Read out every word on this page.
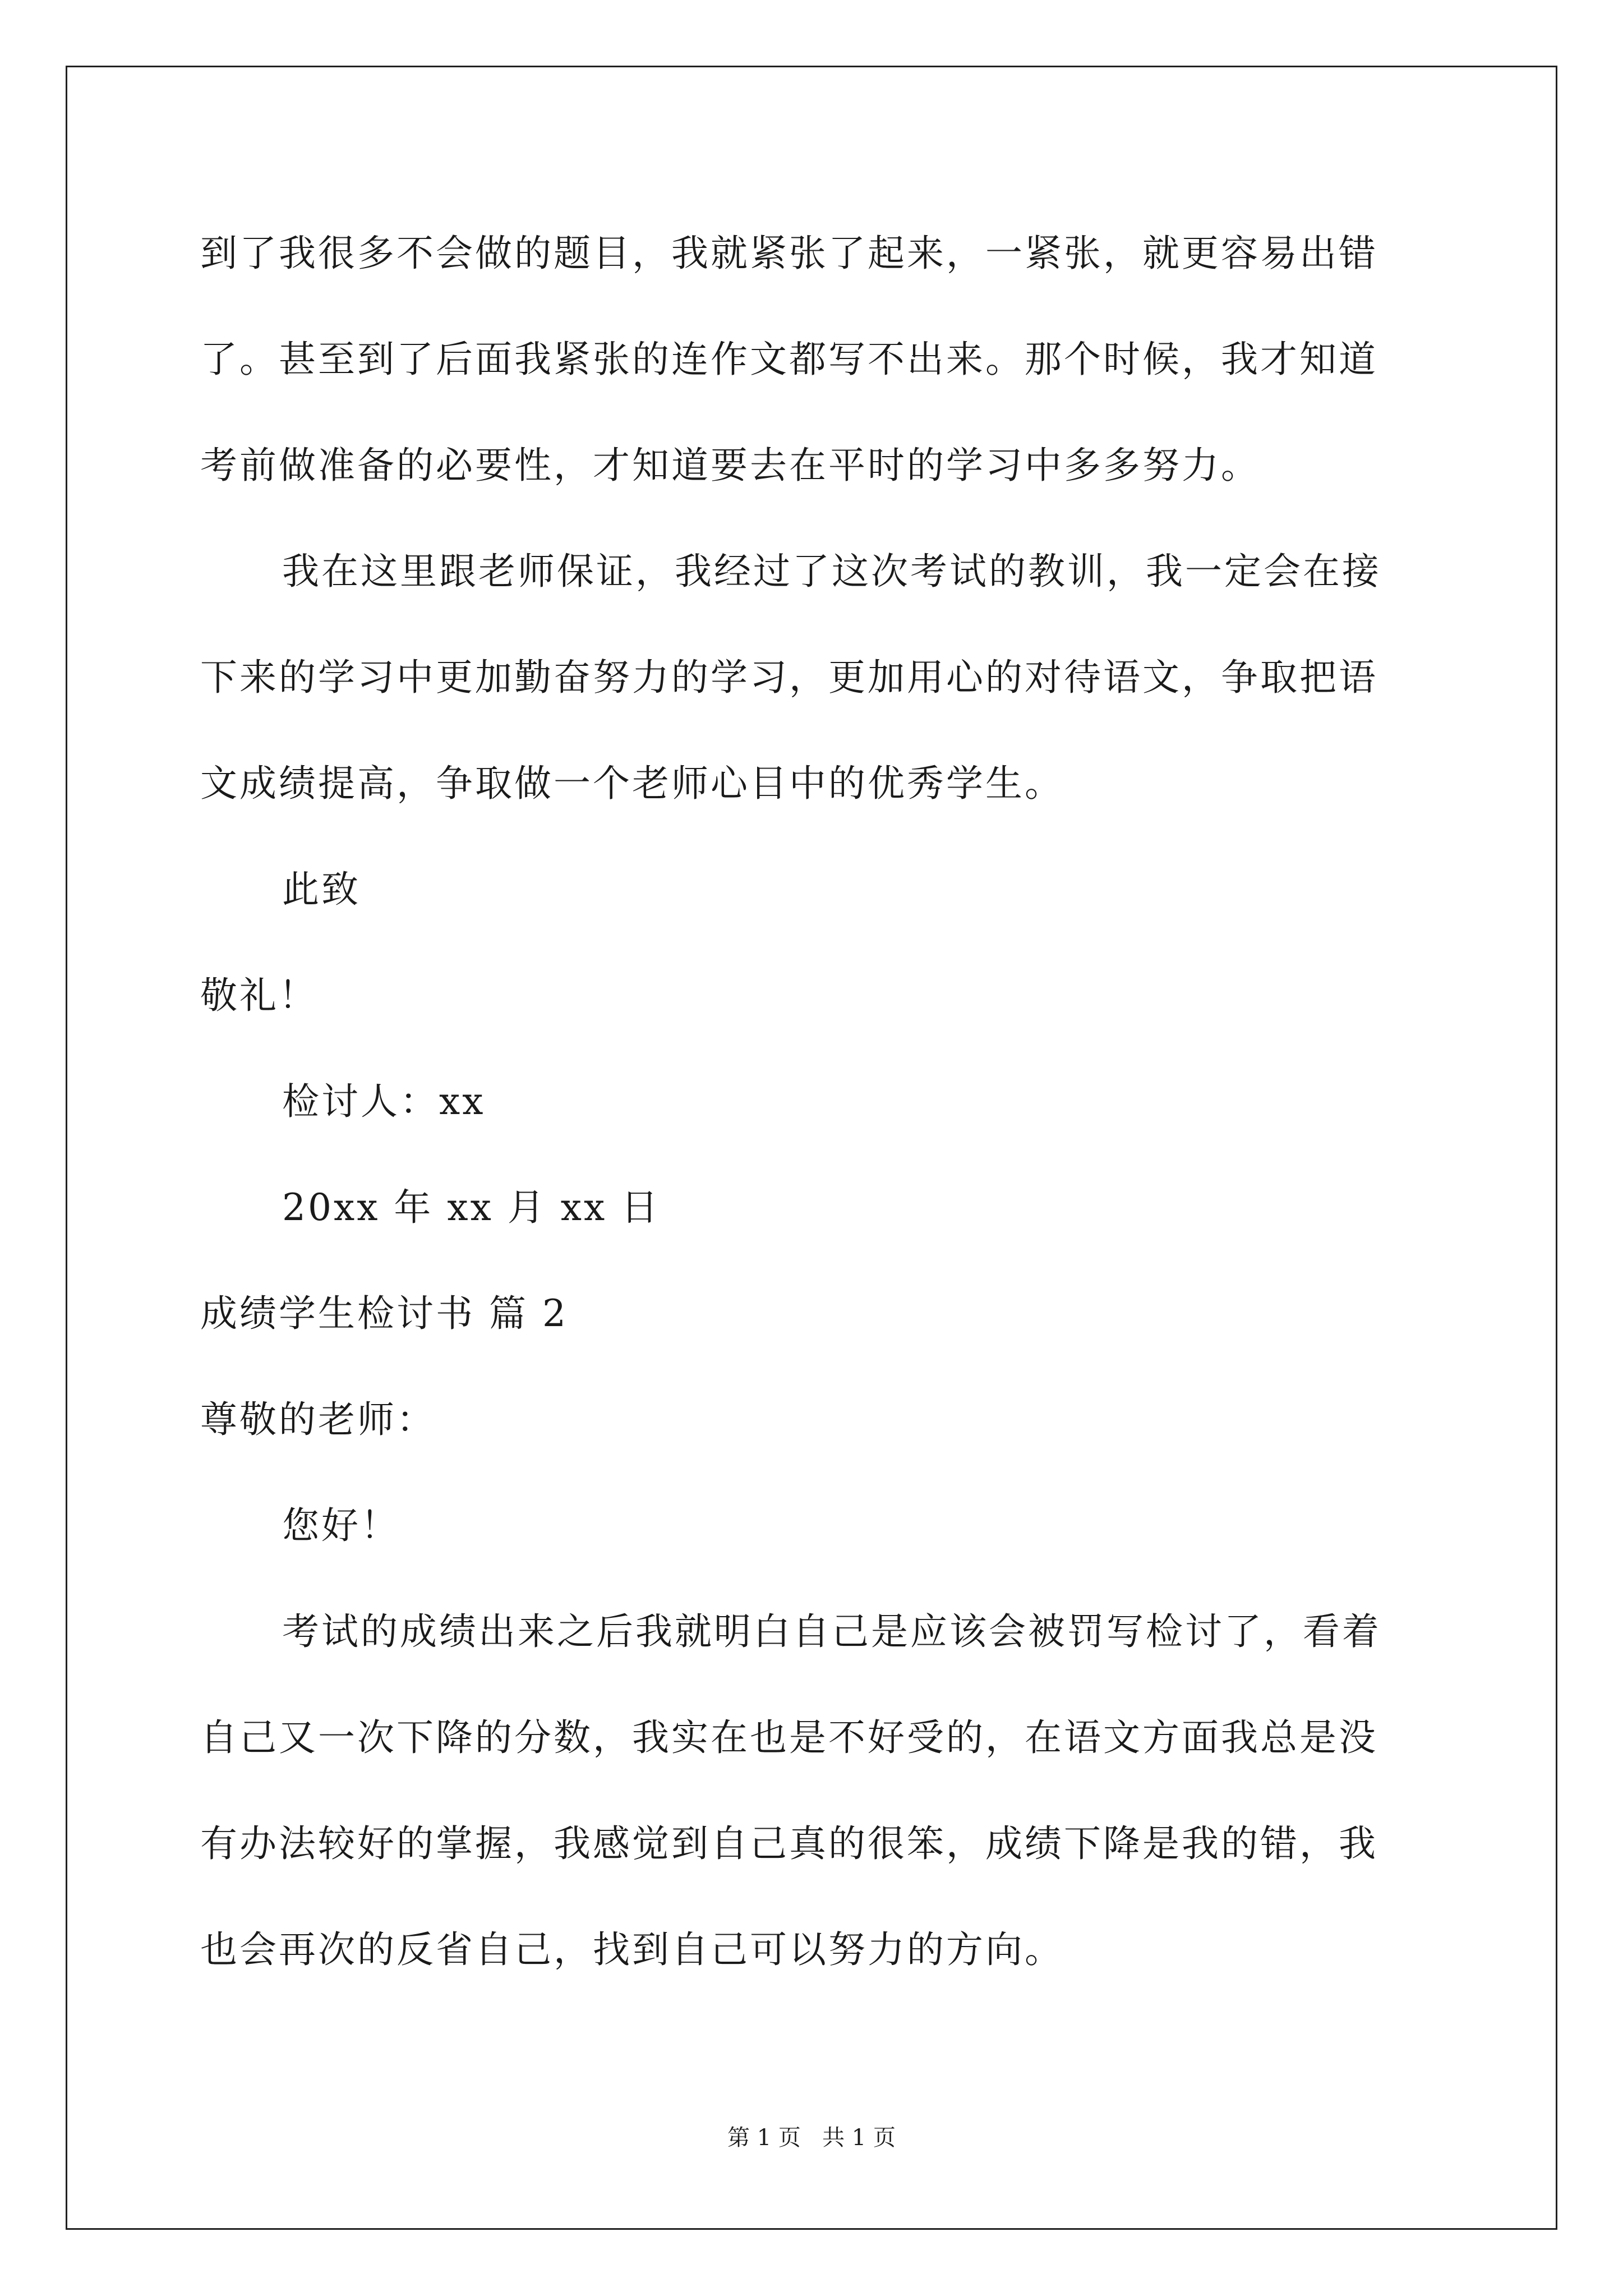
到了我很多不会做的题目，我就紧张了起来，一紧张，就更容易出错
了。甚至到了后面我紧张的连作文都写不出来。那个时候，我才知道
考前做准备的必要性，才知道要去在平时的学习中多多努力。
我在这里跟老师保证，我经过了这次考试的教训，我一定会在接
下来的学习中更加勤奋努力的学习，更加用心的对待语文，争取把语
文成绩提高，争取做一个老师心目中的优秀学生。
此致
敬礼！
检讨人：xx
20xx 年 xx 月 xx 日
成绩学生检讨书 篇 2
尊敬的老师：
您好！
考试的成绩出来之后我就明白自己是应该会被罚写检讨了，看着
自己又一次下降的分数，我实在也是不好受的，在语文方面我总是没
有办法较好的掌握，我感觉到自己真的很笨，成绩下降是我的错，我
也会再次的反省自己，找到自己可以努力的方向。
第 1 页   共 1 页
